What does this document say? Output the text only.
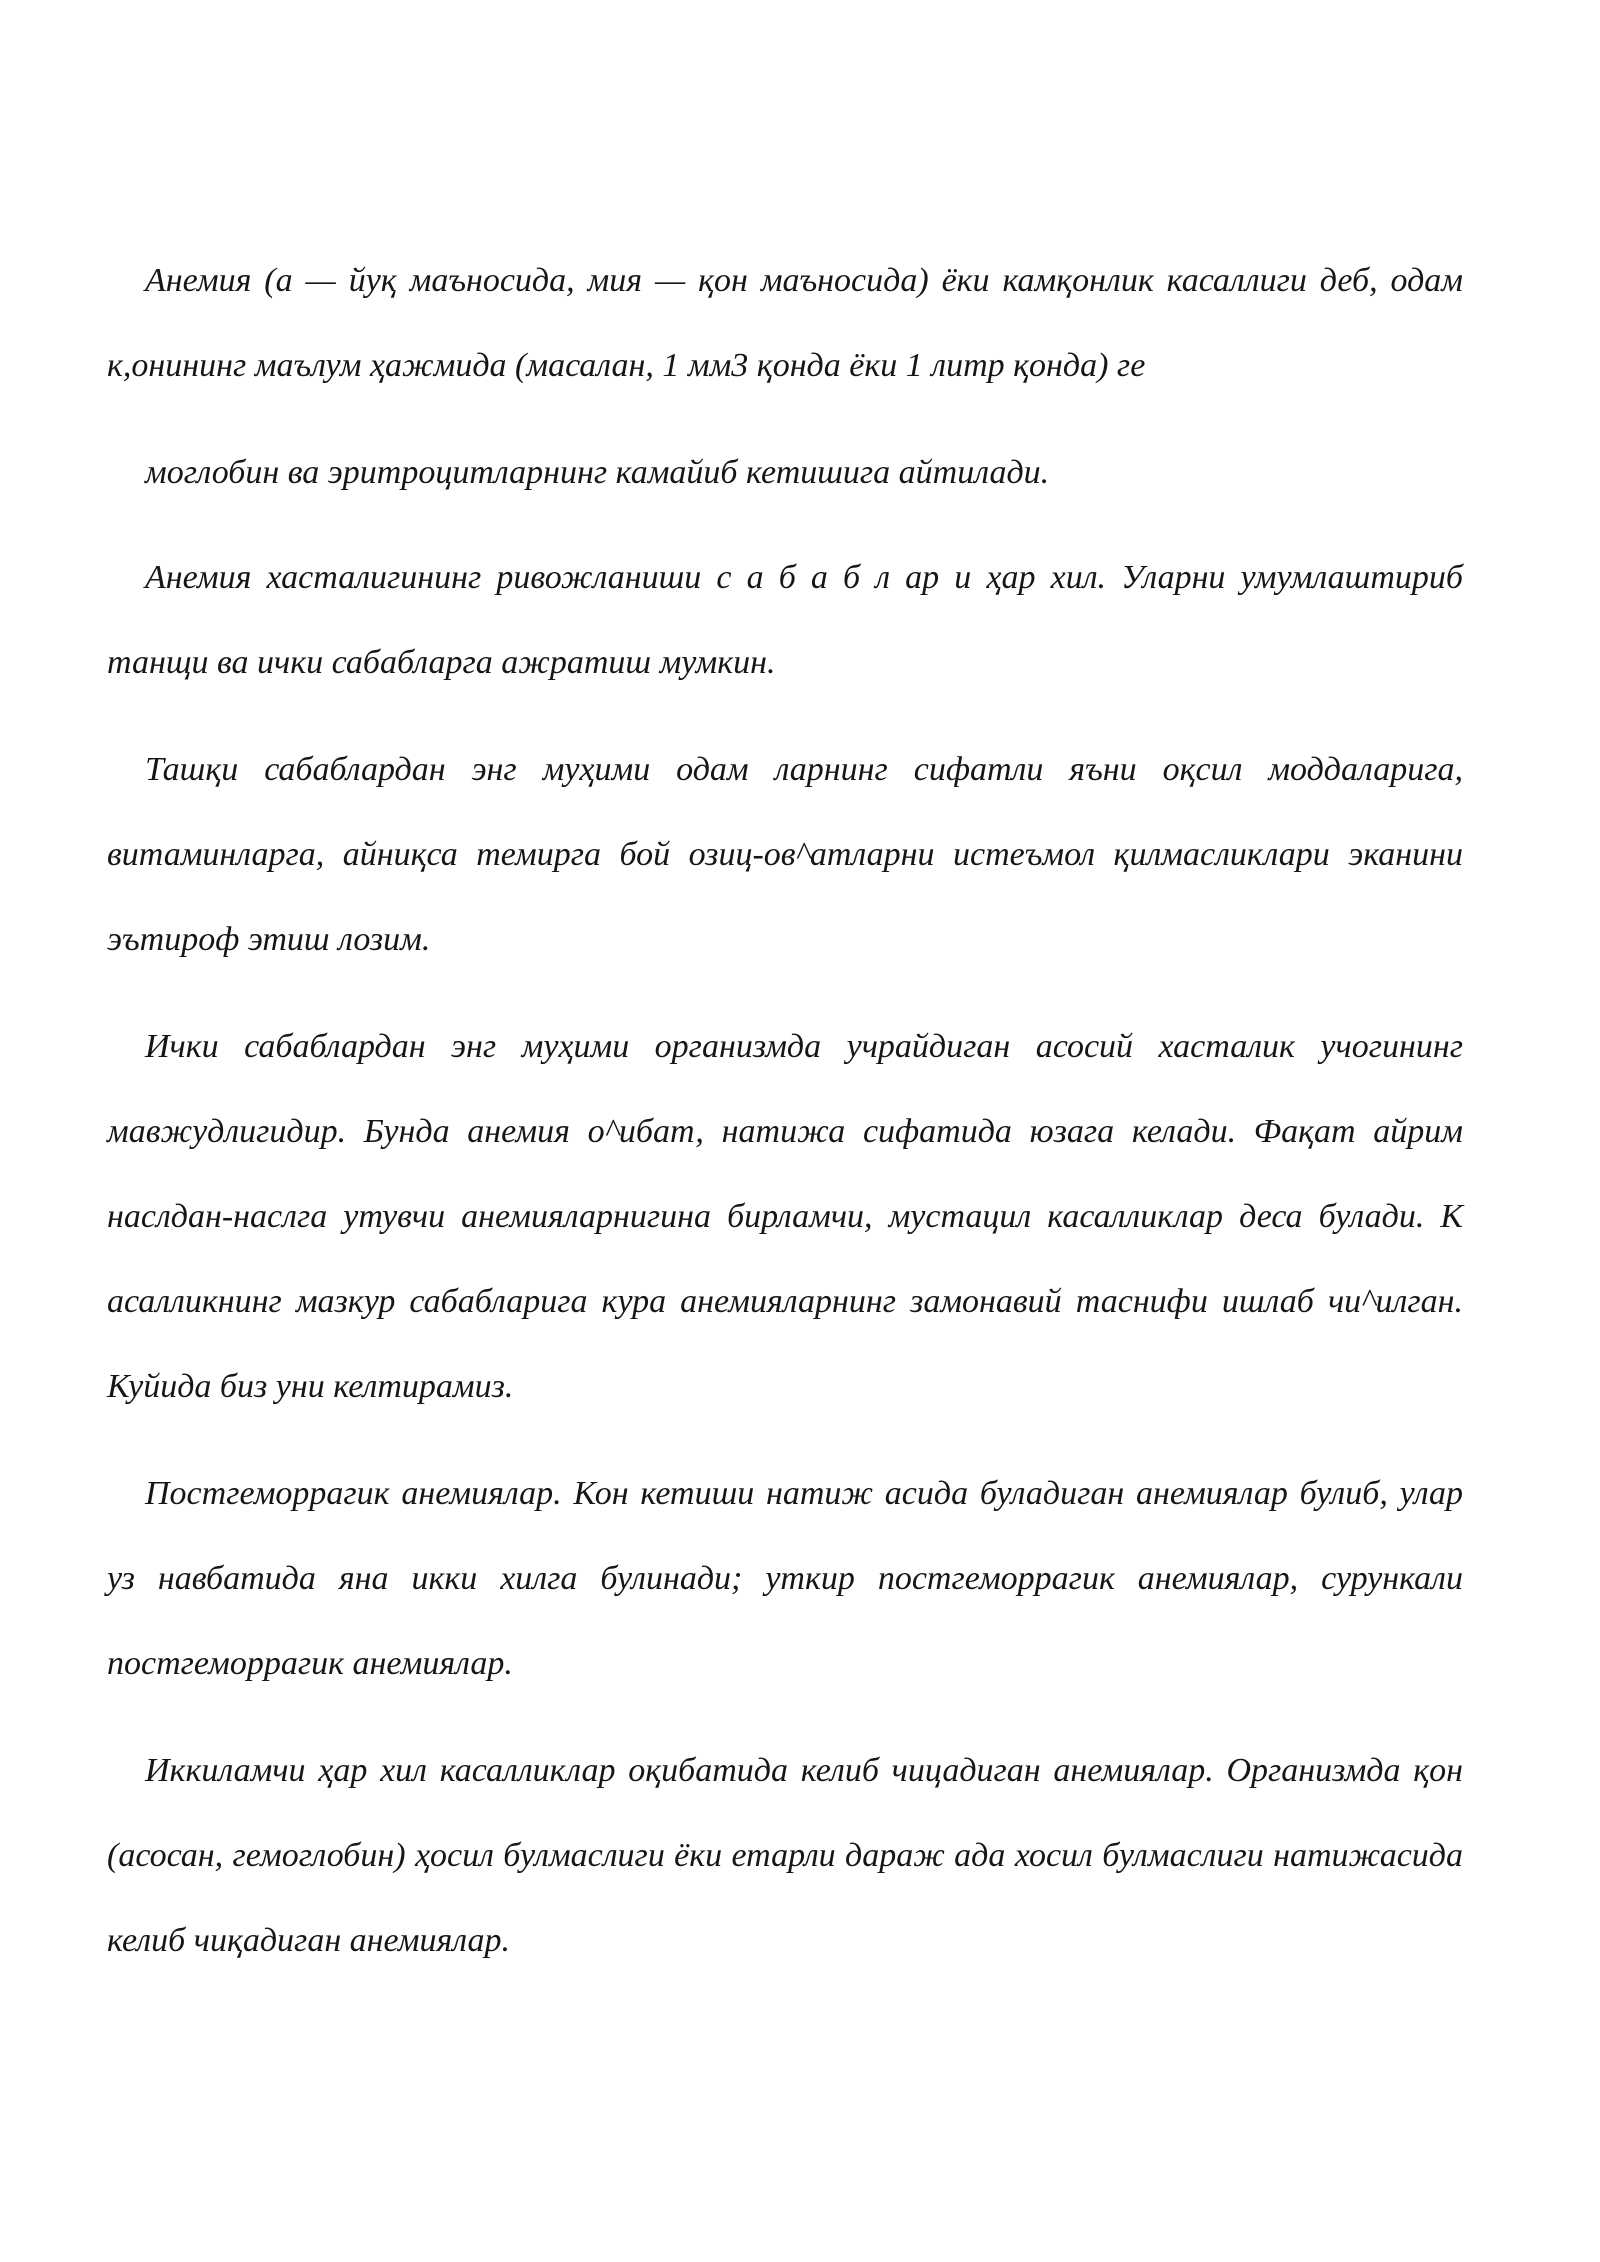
Анемия (а — йуқ маъносида, мия — қон маъносида) ёки камқонлик касаллиги деб, одам к,онининг маълум ҳажмида (масалан, 1 мм3 қонда ёки 1 литр қонда) ге

моглобин ва эритроцитларнинг камайиб кетишига айтилади.

Анемия хасталигининг ривожланиши с а б а б л ар и ҳар хил. Уларни умумлаштириб танщи ва ички сабабларга ажратиш мумкин.

Ташқи сабаблардан энг муҳими одам ларнинг сифатли яъни оқсил моддаларига, витаминларга, айниқса темирга бой озиц-ов^атларни истеъмол қилмасликлари эканини эътироф этиш лозим.

Ички сабаблардан энг муҳими организмда учрайдиган асосий хасталик учогининг мавжудлигидир. Бунда анемия о^ибат, натижа сифатида юзага келади. Фақат айрим наслдан-наслга утувчи анемияларнигина бирламчи, мустацил касалликлар деса булади. К асалликнинг мазкур сабабларига кура анемияларнинг замонавий таснифи ишлаб чи^илган. Куйида биз уни келтирамиз.

Постгеморрагик анемиялар. Кон кетиши натиж асида буладиган анемиялар булиб, улар уз навбатида яна икки хилга булинади; уткир постгеморрагик анемиялар, сурункали постгеморрагик анемиялар.

Иккиламчи ҳар хил касалликлар оқибатида келиб чицадиган анемиялар. Организмда қон (асосан, гемоглобин) ҳосил булмаслиги ёки етарли дараж ада хосил булмаслиги натижасида келиб чиқадиган анемиялар.
